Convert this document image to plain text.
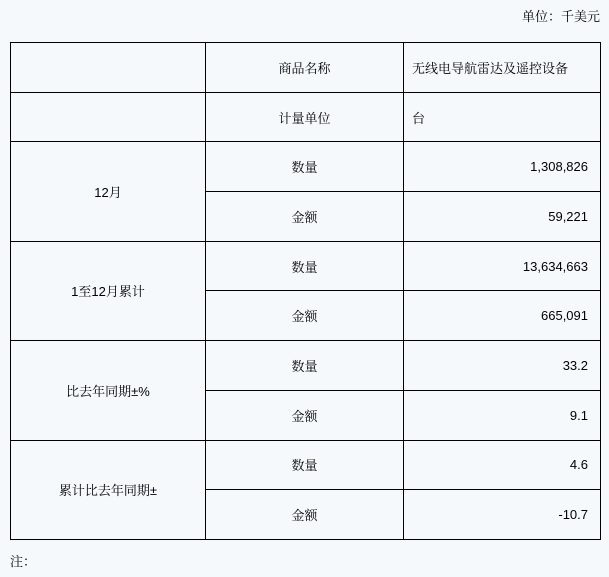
单位：千美元
	商品名称	无线电导航雷达及遥控设备
	计量单位	台
12月	数量	1,308,826
	金额	59,221
1至12月累计	数量	13,634,663
	金额	665,091
比去年同期±%	数量	33.2
	金额	9.1
累计比去年同期±	数量	4.6
	金额	-10.7
注：
